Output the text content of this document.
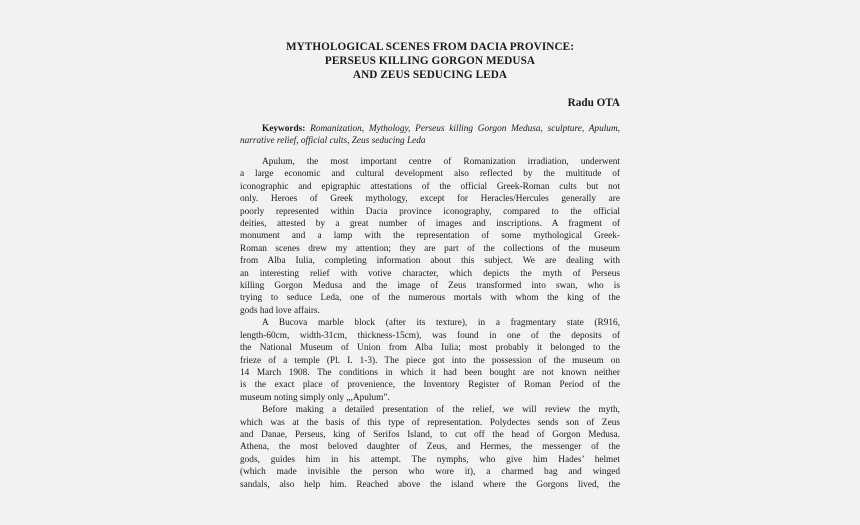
MYTHOLOGICAL SCENES FROM DACIA PROVINCE:
PERSEUS KILLING GORGON MEDUSA
AND ZEUS SEDUCING LEDA
Radu OTA
Keywords: Romanization, Mythology, Perseus killing Gorgon Medusa, sculpture, Apulum, narrative relief, official cults, Zeus seducing Leda
Apulum, the most important centre of Romanization irradiation, underwent
a large economic and cultural development also reflected by the multitude of
iconographic and epigraphic attestations of the official Greek-Roman cults but not
only. Heroes of Greek mythology, except for Heracles/Hercules generally are
poorly represented within Dacia province iconography, compared to the official
deities, attested by a great number of images and inscriptions. A fragment of
monument and a lamp with the representation of some mythological Greek-
Roman scenes drew my attention; they are part of the collections of the museum
from Alba Iulia, completing information about this subject. We are dealing with
an interesting relief with votive character, which depicts the myth of Perseus
killing Gorgon Medusa and the image of Zeus transformed into swan, who is
trying to seduce Leda, one of the numerous mortals with whom the king of the
gods had love affairs.
A Bucova marble block (after its texture), in a fragmentary state (R916,
length-60cm, width-31cm, thickness-15cm), was found in one of the deposits of
the National Museum of Union from Alba Iulia; most probably it belonged to the
frieze of a temple (Pl. I. 1-3). The piece got into the possession of the museum on
14 March 1908. The conditions in which it had been bought are not known neither
is the exact place of provenience, the Inventory Register of Roman Period of the
museum noting simply only „,Apulum”.
Before making a detailed presentation of the relief, we will review the myth,
which was at the basis of this type of representation. Polydectes sends son of Zeus
and Danae, Perseus, king of Serifos Island, to cut off the head of Gorgon Medusa.
Athena, the most beloved daughter of Zeus, and Hermes, the messenger of the
gods, guides him in his attempt. The nymphs, who give him Hades’ helmet
(which made invisible the person who wore it), a charmed bag and winged
sandals, also help him. Reached above the island where the Gorgons lived, the
